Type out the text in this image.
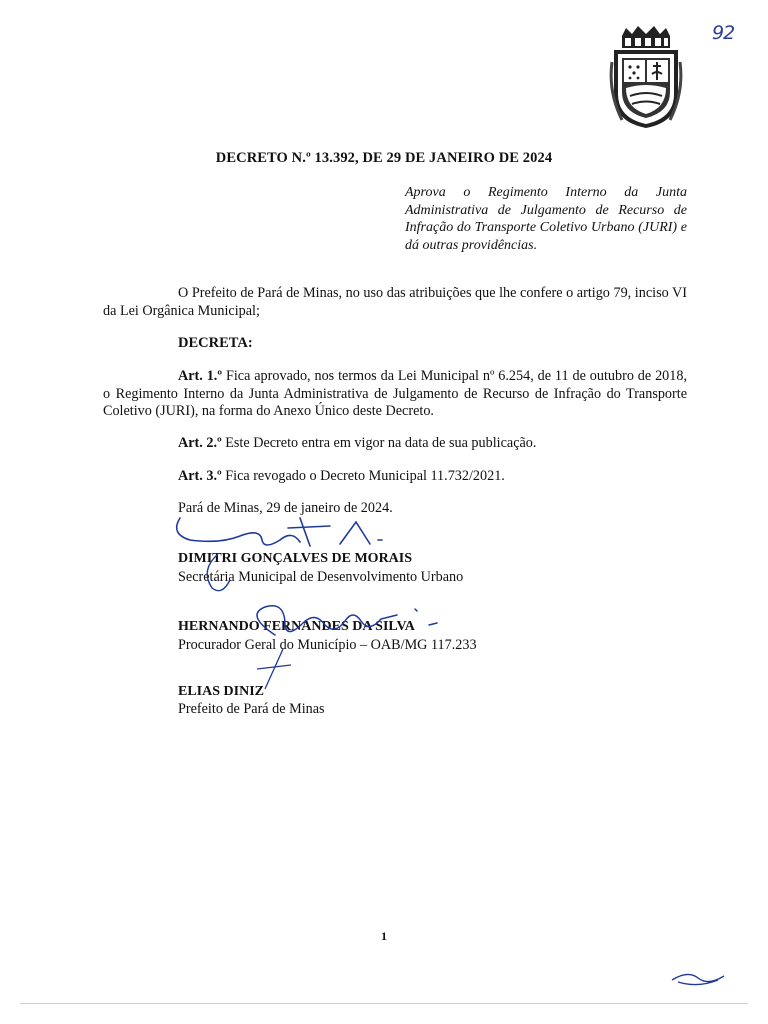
92

DECRETO N.º 13.392, DE 29 DE JANEIRO DE 2024

Aprova o Regimento Interno da Junta Administrativa de Julgamento de Recurso de Infração do Transporte Coletivo Urbano (JURI) e dá outras providências.

O Prefeito de Pará de Minas, no uso das atribuições que lhe confere o artigo 79, inciso VI da Lei Orgânica Municipal;

DECRETA:

Art. 1.º Fica aprovado, nos termos da Lei Municipal nº 6.254, de 11 de outubro de 2018, o Regimento Interno da Junta Administrativa de Julgamento de Recurso de Infração do Transporte Coletivo (JURI), na forma do Anexo Único deste Decreto.

Art. 2.º Este Decreto entra em vigor na data de sua publicação.

Art. 3.º Fica revogado o Decreto Municipal 11.732/2021.

Pará de Minas, 29 de janeiro de 2024.

DIMITRI GONÇALVES DE MORAIS

Secretária Municipal de Desenvolvimento Urbano

HERNANDO FERNANDES DA SILVA

Procurador Geral do Município – OAB/MG 117.233

ELIAS DINIZ

Prefeito de Pará de Minas

1
